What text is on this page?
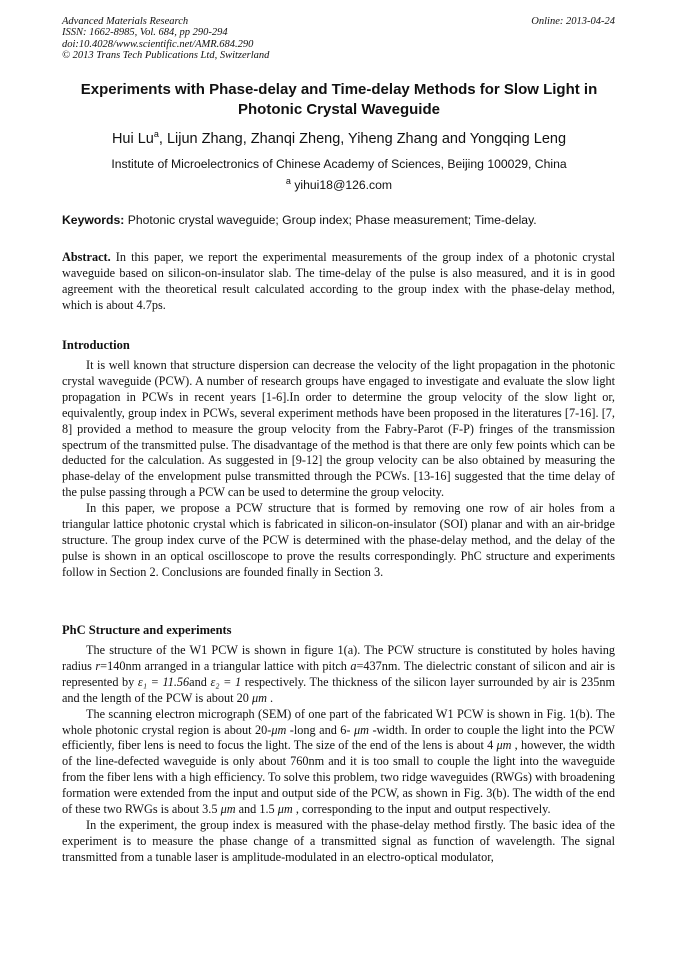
Advanced Materials Research
ISSN: 1662-8985, Vol. 684, pp 290-294
doi:10.4028/www.scientific.net/AMR.684.290
© 2013 Trans Tech Publications Ltd, Switzerland
Online: 2013-04-24
Experiments with Phase-delay and Time-delay Methods for Slow Light in
Photonic Crystal Waveguide
Hui Lu$^a$, Lijun Zhang, Zhanqi Zheng, Yiheng Zhang and Yongqing Leng
Institute of Microelectronics of Chinese Academy of Sciences, Beijing 100029, China
$^a$ yihui18@126.com
Keywords: Photonic crystal waveguide; Group index; Phase measurement; Time-delay.

Abstract. In this paper, we report the experimental measurements of the group index of a photonic crystal waveguide based on silicon-on-insulator slab. The time-delay of the pulse is also measured, and it is in good agreement with the theoretical result calculated according to the group index with the phase-delay method, which is about 4.7ps.

Introduction

It is well known that structure dispersion can decrease the velocity of the light propagation in the photonic crystal waveguide (PCW). A number of research groups have engaged to investigate and evaluate the slow light propagation in PCWs in recent years [1-6].In order to determine the group velocity of the slow light or, equivalently, group index in PCWs, several experiment methods have been proposed in the literatures [7-16]. [7, 8] provided a method to measure the group velocity from the Fabry-Parot (F-P) fringes of the transmission spectrum of the transmitted pulse. The disadvantage of the method is that there are only few points which can be deducted for the calculation. As suggested in [9-12] the group velocity can be also obtained by measuring the phase-delay of the envelopment pulse transmitted through the PCWs. [13-16] suggested that the time delay of the pulse passing through a PCW can be used to determine the group velocity.

In this paper, we propose a PCW structure that is formed by removing one row of air holes from a triangular lattice photonic crystal which is fabricated in silicon-on-insulator (SOI) planar and with an air-bridge structure. The group index curve of the PCW is determined with the phase-delay method, and the delay of the pulse is shown in an optical oscilloscope to prove the results correspondingly. PhC structure and experiments follow in Section 2. Conclusions are founded finally in Section 3.

PhC Structure and experiments

The structure of the W1 PCW is shown in figure 1(a). The PCW structure is constituted by holes having radius r=140nm arranged in a triangular lattice with pitch a=437nm. The dielectric constant of silicon and air is represented by ε₁ = 11.56and ε₂ = 1 respectively. The thickness of the silicon layer surrounded by air is 235nm and the length of the PCW is about 20 μm .

The scanning electron micrograph (SEM) of one part of the fabricated W1 PCW is shown in Fig. 1(b). The whole photonic crystal region is about 20-μm -long and 6- μm -width. In order to couple the light into the PCW efficiently, fiber lens is need to focus the light. The size of the end of the lens is about 4 μm , however, the width of the line-defected waveguide is only about 760nm and it is too small to couple the light into the waveguide from the fiber lens with a high efficiency. To solve this problem, two ridge waveguides (RWGs) with broadening formation were extended from the input and output side of the PCW, as shown in Fig. 3(b). The width of the end of these two RWGs is about 3.5 μm and 1.5 μm , corresponding to the input and output respectively.

In the experiment, the group index is measured with the phase-delay method firstly. The basic idea of the experiment is to measure the phase change of a transmitted signal as function of wavelength. The signal transmitted from a tunable laser is amplitude-modulated in an electro-optical modulator,
